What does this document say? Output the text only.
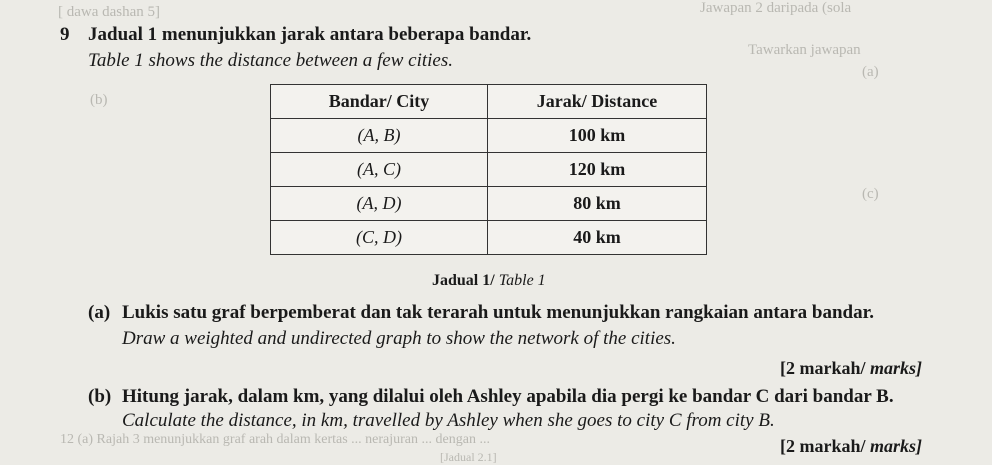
[ dawa dashan 5]	Jawapan 2 daripada (sola
Tawarkan jawapan
(a)
(b)
(c)
12 (a) Rajah 3 menunjukkan graf arah dalam kertas ... nerajuran ... dengan ...
[Jadual 2.1]
9 Jadual 1 menunjukkan jarak antara beberapa bandar.
Table 1 shows the distance between a few cities.
Bandar/ City	Jarak/ Distance
(A, B)	100 km
(A, C)	120 km
(A, D)	80 km
(C, D)	40 km
Jadual 1/ Table 1
(a) Lukis satu graf berpemberat dan tak terarah untuk menunjukkan rangkaian antara bandar.
Draw a weighted and undirected graph to show the network of the cities.
[2 markah/ marks]
(b) Hitung jarak, dalam km, yang dilalui oleh Ashley apabila dia pergi ke bandar C dari bandar B.
Calculate the distance, in km, travelled by Ashley when she goes to city C from city B.
[2 markah/ marks]
